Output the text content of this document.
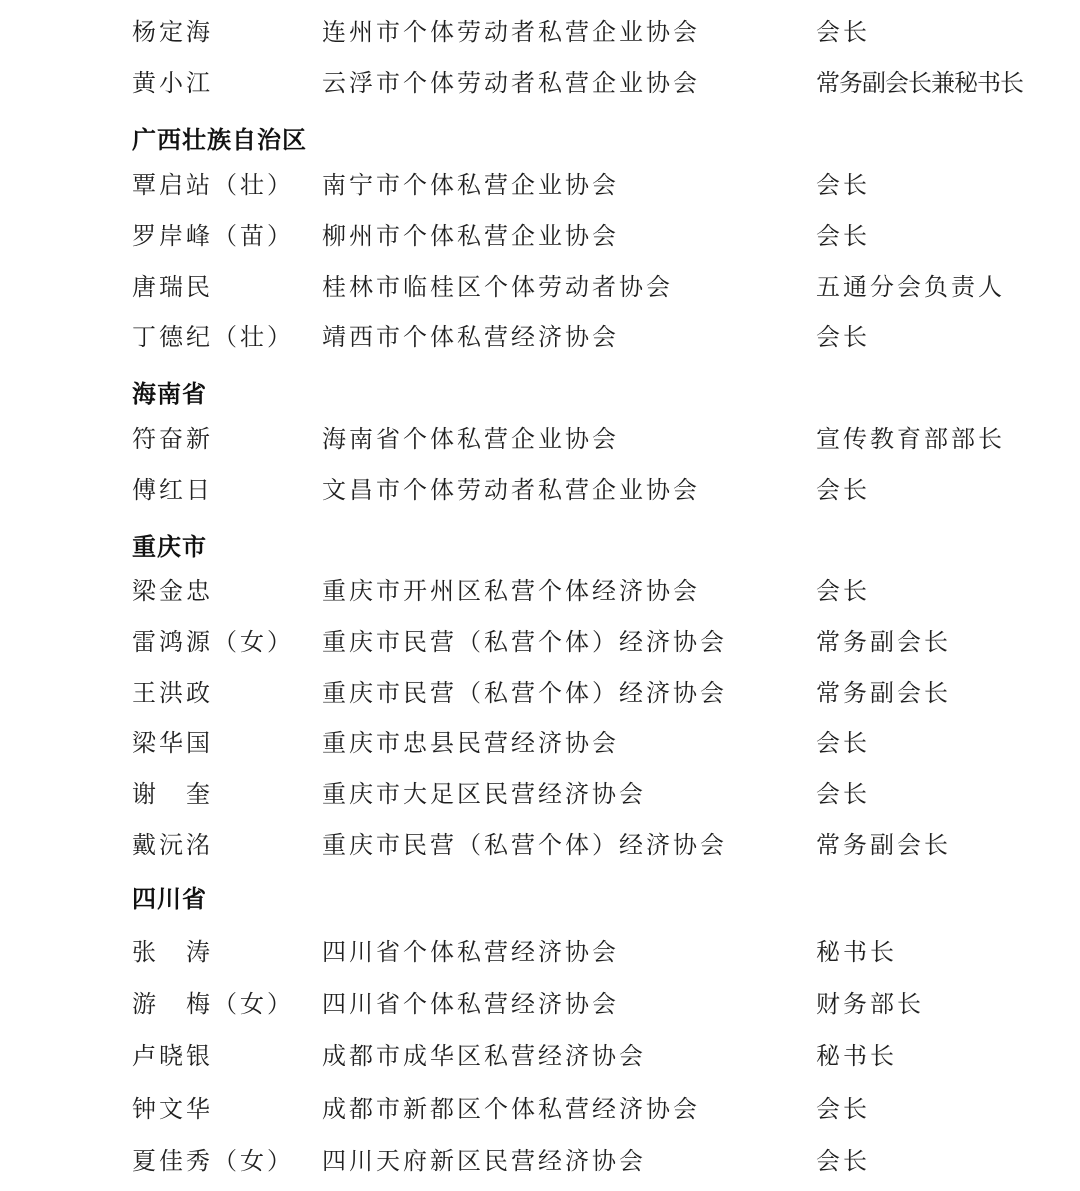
杨定海	连州市个体劳动者私营企业协会	会长
黄小江	云浮市个体劳动者私营企业协会	常务副会长兼秘书长
广西壮族自治区
覃启站（壮） 南宁市个体私营企业协会	会长
罗岸峰（苗） 柳州市个体私营企业协会	会长
唐瑞民	桂林市临桂区个体劳动者协会	五通分会负责人
丁德纪（壮） 靖西市个体私营经济协会	会长
海南省
符奋新	海南省个体私营企业协会	宣传教育部部长
傅红日	文昌市个体劳动者私营企业协会	会长
重庆市
梁金忠	重庆市开州区私营个体经济协会	会长
雷鸿源（女） 重庆市民营（私营个体）经济协会	常务副会长
王洪政	重庆市民营（私营个体）经济协会	常务副会长
梁华国	重庆市忠县民营经济协会	会长
谢　奎	重庆市大足区民营经济协会	会长
戴沅洺	重庆市民营（私营个体）经济协会	常务副会长
四川省
张　涛	四川省个体私营经济协会	秘书长
游　梅（女） 四川省个体私营经济协会	财务部长
卢晓银	成都市成华区私营经济协会	秘书长
钟文华	成都市新都区个体私营经济协会	会长
夏佳秀（女） 四川天府新区民营经济协会	会长
